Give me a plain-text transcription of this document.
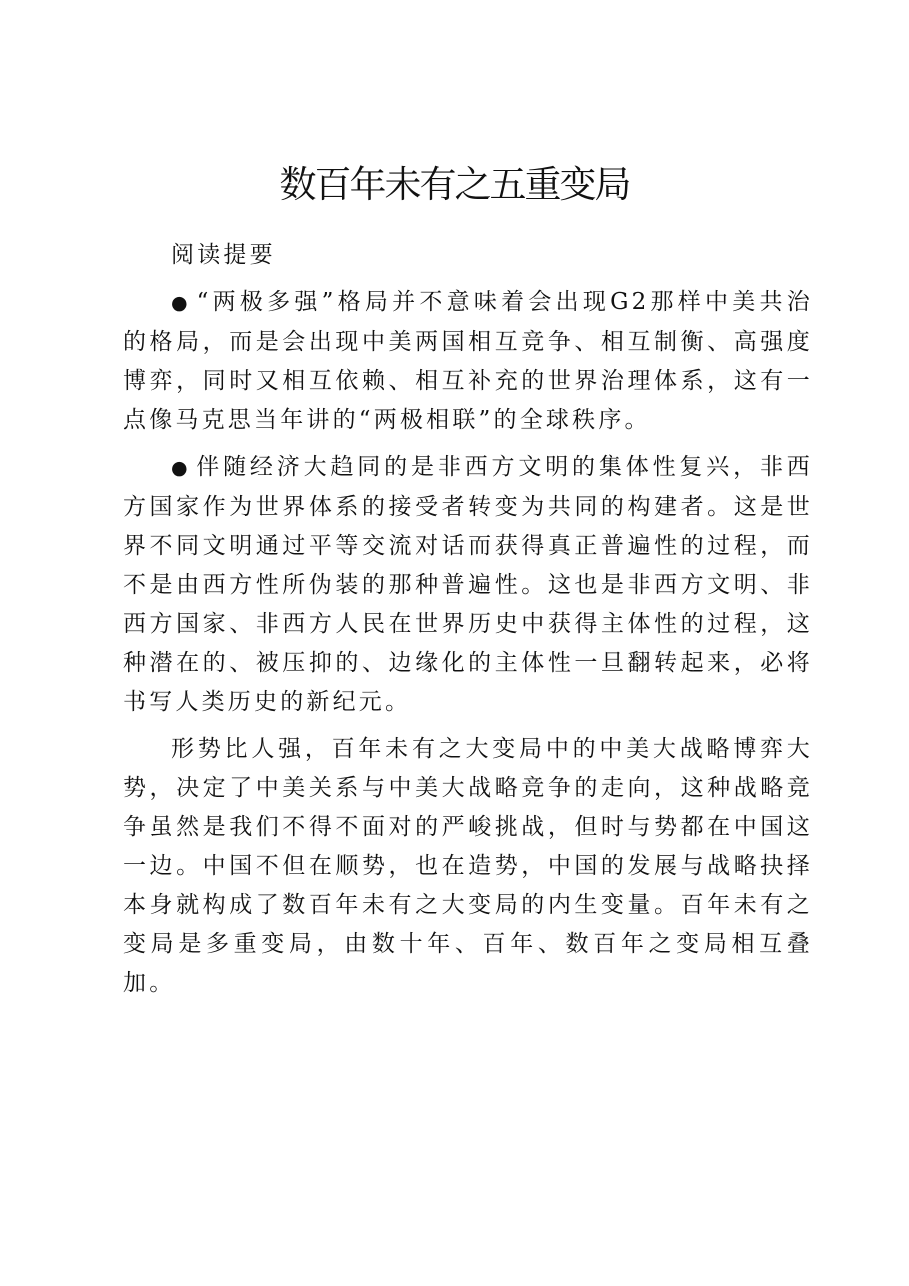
数百年未有之五重变局

阅读提要

● “两极多强”格局并不意味着会出现G2那样中美共治的格局，而是会出现中美两国相互竞争、相互制衡、高强度博弈，同时又相互依赖、相互补充的世界治理体系，这有一点像马克思当年讲的“两极相联”的全球秩序。

● 伴随经济大趋同的是非西方文明的集体性复兴，非西方国家作为世界体系的接受者转变为共同的构建者。这是世界不同文明通过平等交流对话而获得真正普遍性的过程，而不是由西方性所伪装的那种普遍性。这也是非西方文明、非西方国家、非西方人民在世界历史中获得主体性的过程，这种潜在的、被压抑的、边缘化的主体性一旦翻转起来，必将书写人类历史的新纪元。

形势比人强，百年未有之大变局中的中美大战略博弈大势，决定了中美关系与中美大战略竞争的走向，这种战略竞争虽然是我们不得不面对的严峻挑战，但时与势都在中国这一边。中国不但在顺势，也在造势，中国的发展与战略抉择本身就构成了数百年未有之大变局的内生变量。百年未有之变局是多重变局，由数十年、百年、数百年之变局相互叠加。
